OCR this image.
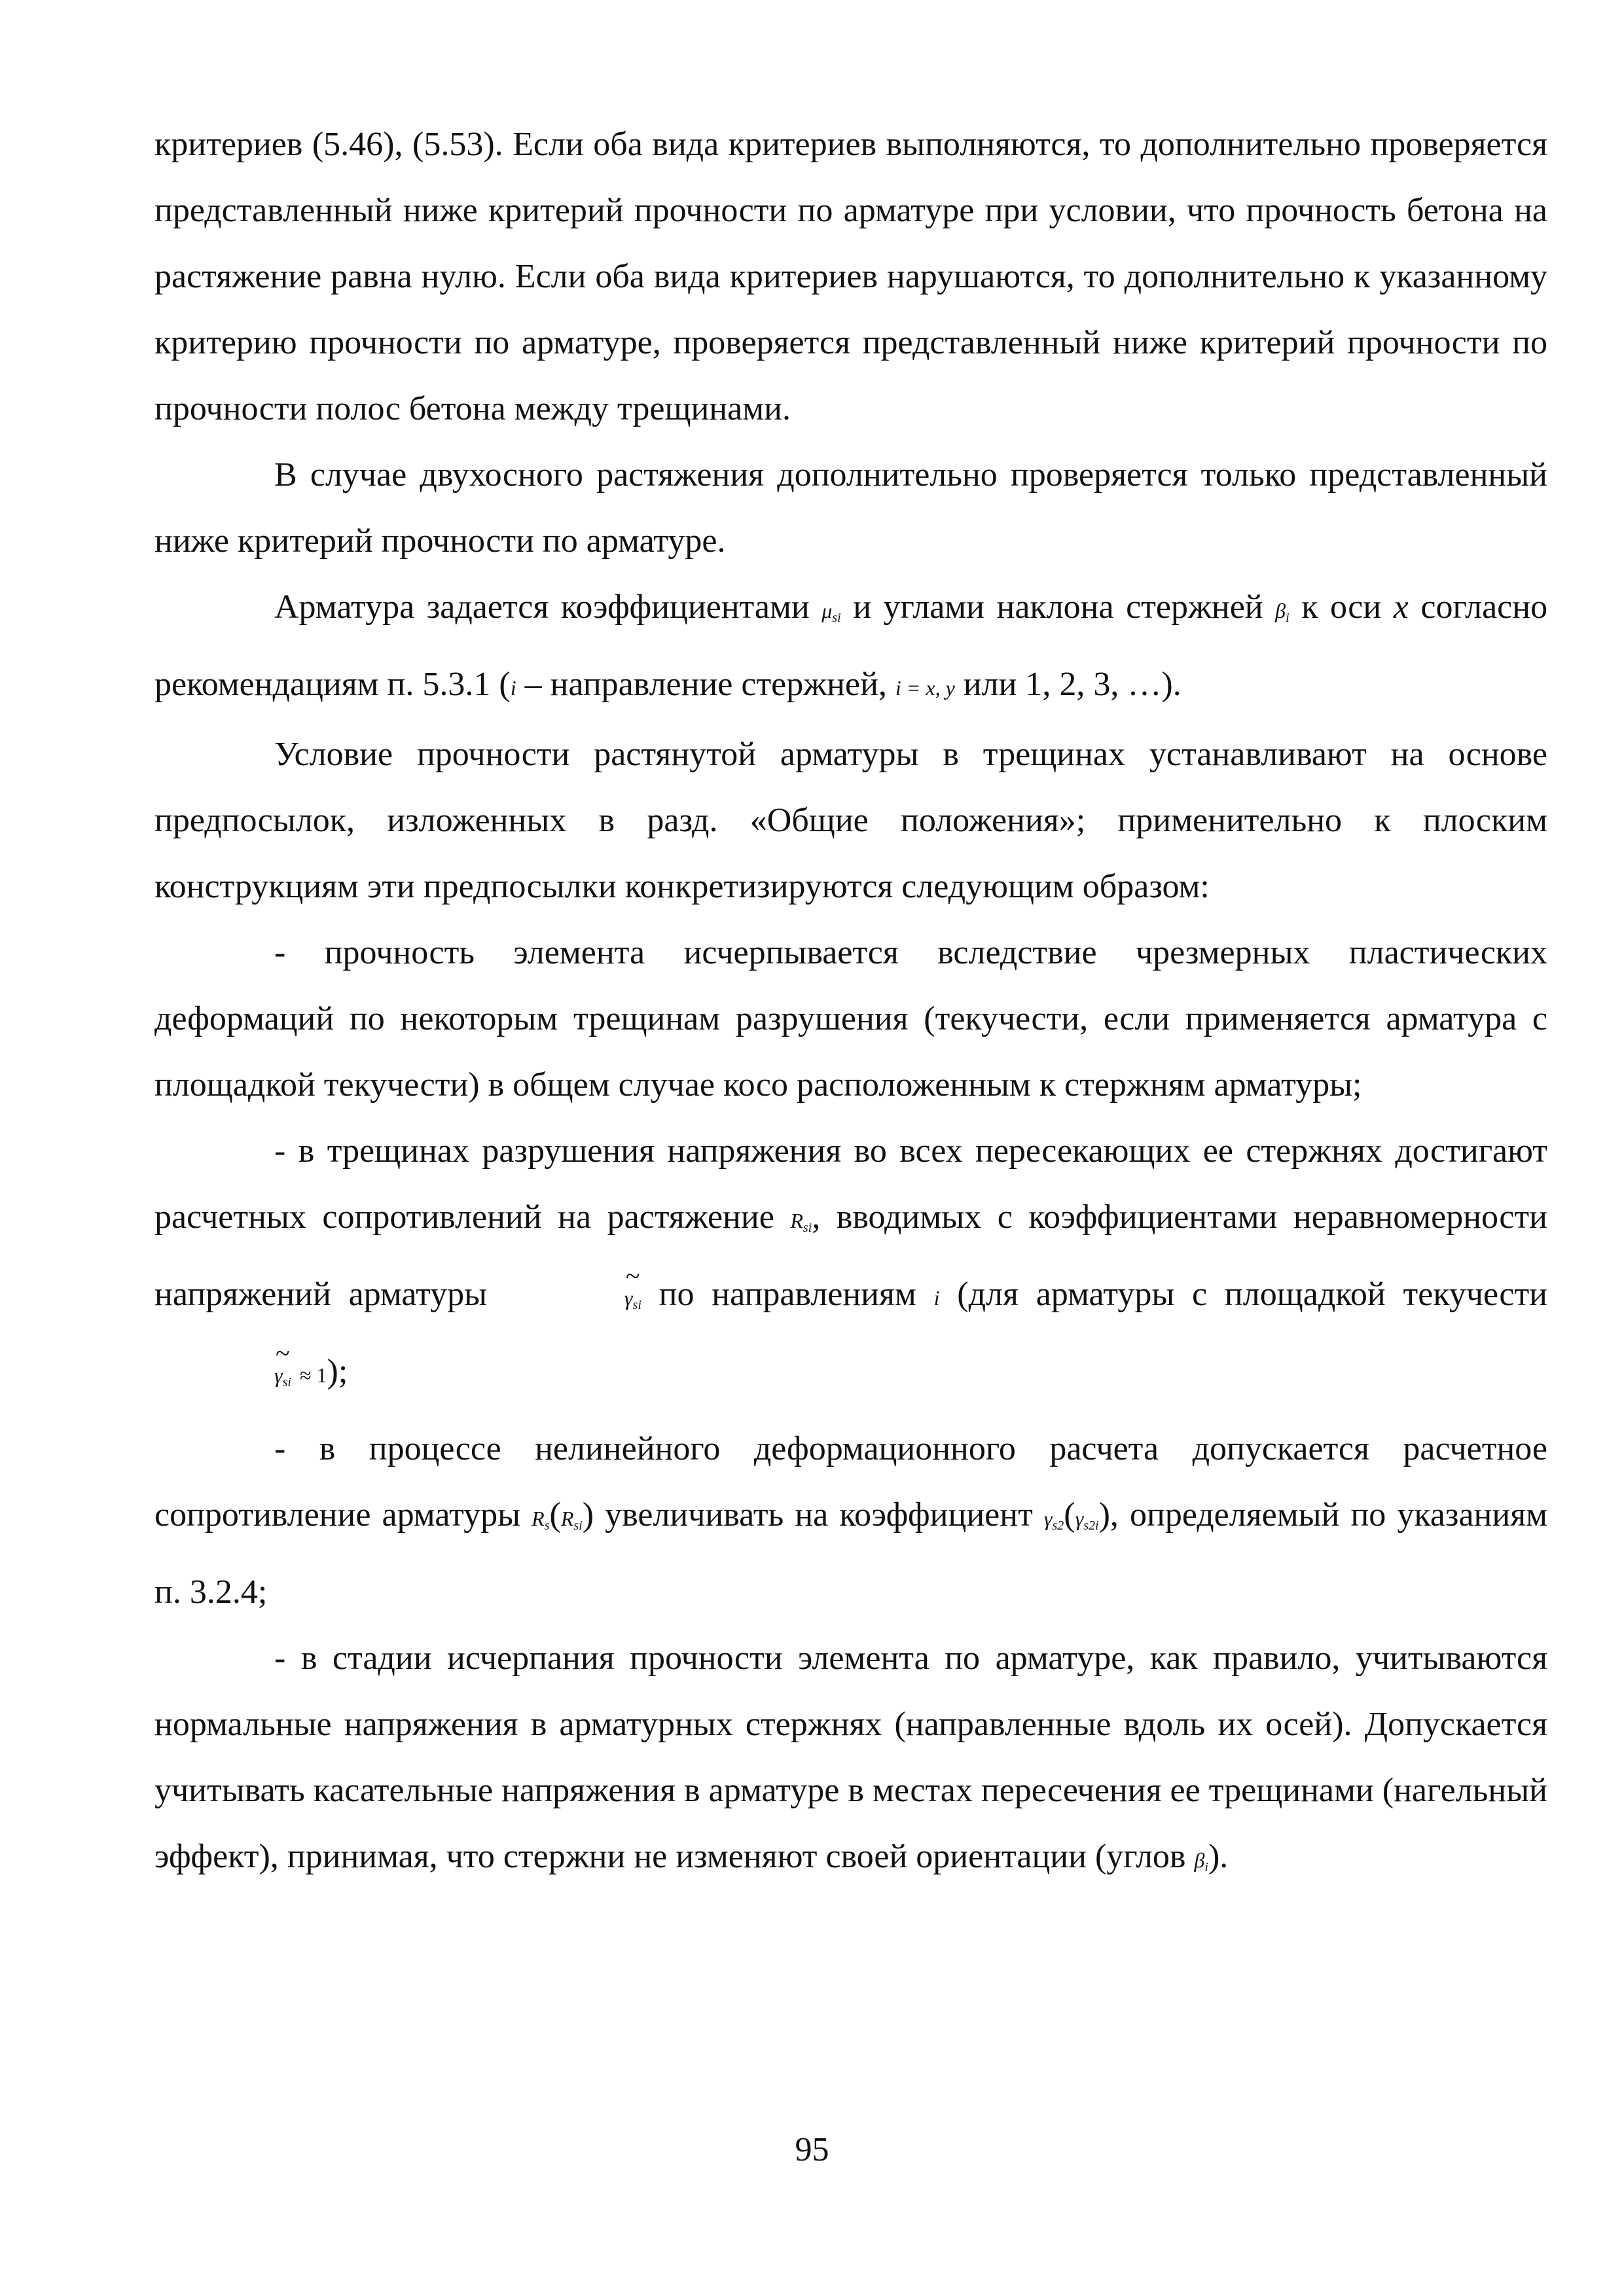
критериев (5.46), (5.53). Если оба вида критериев выполняются, то дополнительно проверяется представленный ниже критерий прочности по арматуре при условии, что прочность бетона на растяжение равна нулю. Если оба вида критериев нарушаются, то дополнительно к указанному критерию прочности по арматуре, проверяется представленный ниже критерий прочности по прочности полос бетона между трещинами.

В случае двухосного растяжения дополнительно проверяется только представленный ниже критерий прочности по арматуре.

Арматура задается коэффициентами μsi и углами наклона стержней βi к оси x согласно рекомендациям п. 5.3.1 (i – направление стержней, i = x, y или 1, 2, 3, …).

Условие прочности растянутой арматуры в трещинах устанавливают на основе предпосылок, изложенных в разд. «Общие положения»; применительно к плоским конструкциям эти предпосылки конкретизируются следующим образом:

- прочность элемента исчерпывается вследствие чрезмерных пластических деформаций по некоторым трещинам разрушения (текучести, если применяется арматура с площадкой текучести) в общем случае косо расположенным к стержням арматуры;

- в трещинах разрушения напряжения во всех пересекающих ее стержнях достигают расчетных сопротивлений на растяжение Rsi, вводимых с коэффициентами неравномерности напряжений арматуры ~	γsi по направлениям i (для арматуры с площадкой текучести ~ γsi ≈ 1);

- в процессе нелинейного деформационного расчета допускается расчетное сопротивление арматуры Rs(Rsi) увеличивать на коэффициент γs2(γs2i), определяемый по указаниям п. 3.2.4;

- в стадии исчерпания прочности элемента по арматуре, как правило, учитываются нормальные напряжения в арматурных стержнях (направленные вдоль их осей). Допускается учитывать касательные напряжения в арматуре в местах пересечения ее трещинами (нагельный эффект), принимая, что стержни не изменяют своей ориентации (углов βi).

95
